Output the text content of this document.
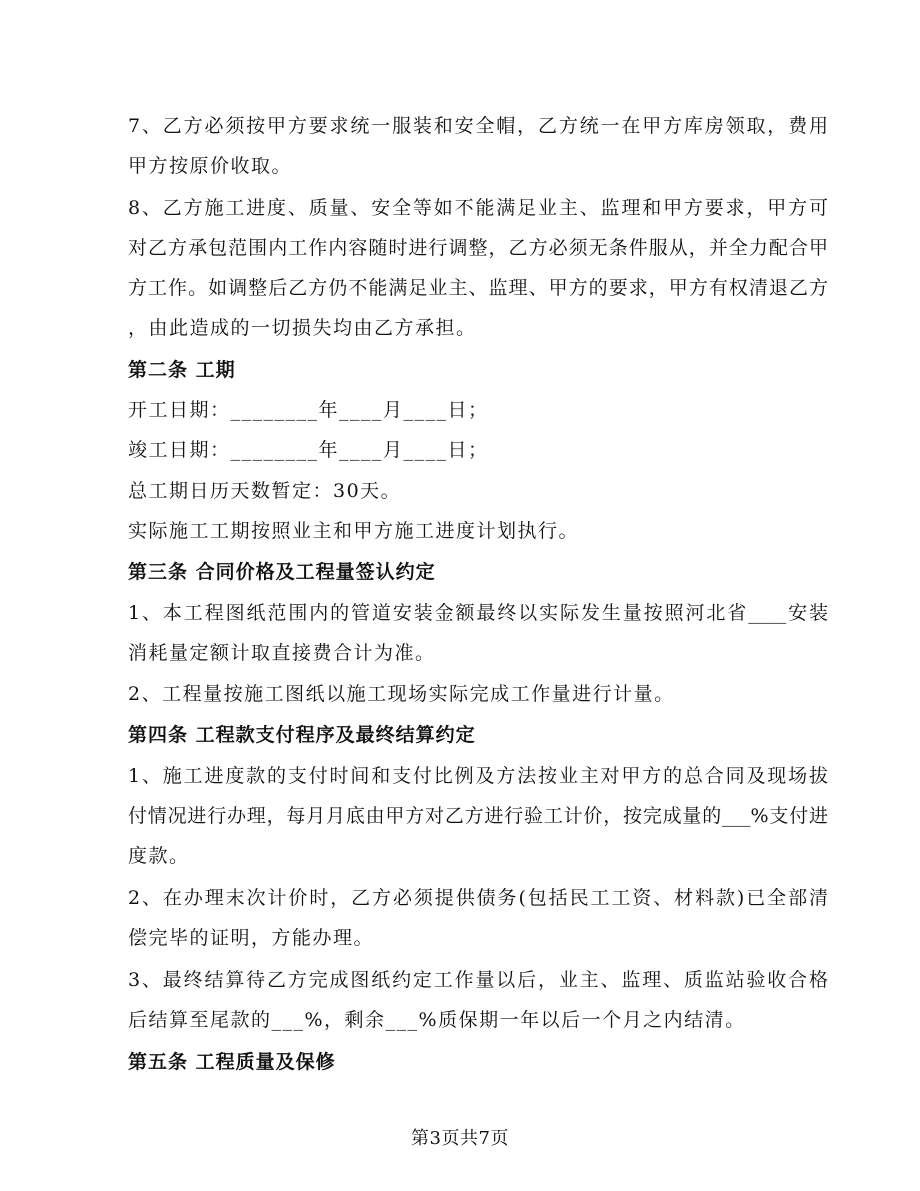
7、乙方必须按甲方要求统一服装和安全帽，乙方统一在甲方库房领取，费用
甲方按原价收取。
8、乙方施工进度、质量、安全等如不能满足业主、监理和甲方要求，甲方可
对乙方承包范围内工作内容随时进行调整，乙方必须无条件服从，并全力配合甲
方工作。如调整后乙方仍不能满足业主、监理、甲方的要求，甲方有权清退乙方
，由此造成的一切损失均由乙方承担。
第二条 工期
开工日期：________年____月____日；
竣工日期：________年____月____日；
总工期日历天数暂定：30天。
实际施工工期按照业主和甲方施工进度计划执行。
第三条 合同价格及工程量签认约定
1、本工程图纸范围内的管道安装金额最终以实际发生量按照河北省____安装
消耗量定额计取直接费合计为准。
2、工程量按施工图纸以施工现场实际完成工作量进行计量。
第四条 工程款支付程序及最终结算约定
1、施工进度款的支付时间和支付比例及方法按业主对甲方的总合同及现场拔
付情况进行办理，每月月底由甲方对乙方进行验工计价，按完成量的___%支付进
度款。
2、在办理末次计价时，乙方必须提供债务(包括民工工资、材料款)已全部清
偿完毕的证明，方能办理。
3、最终结算待乙方完成图纸约定工作量以后，业主、监理、质监站验收合格
后结算至尾款的___%，剩余___%质保期一年以后一个月之内结清。
第五条 工程质量及保修
第3页共7页
